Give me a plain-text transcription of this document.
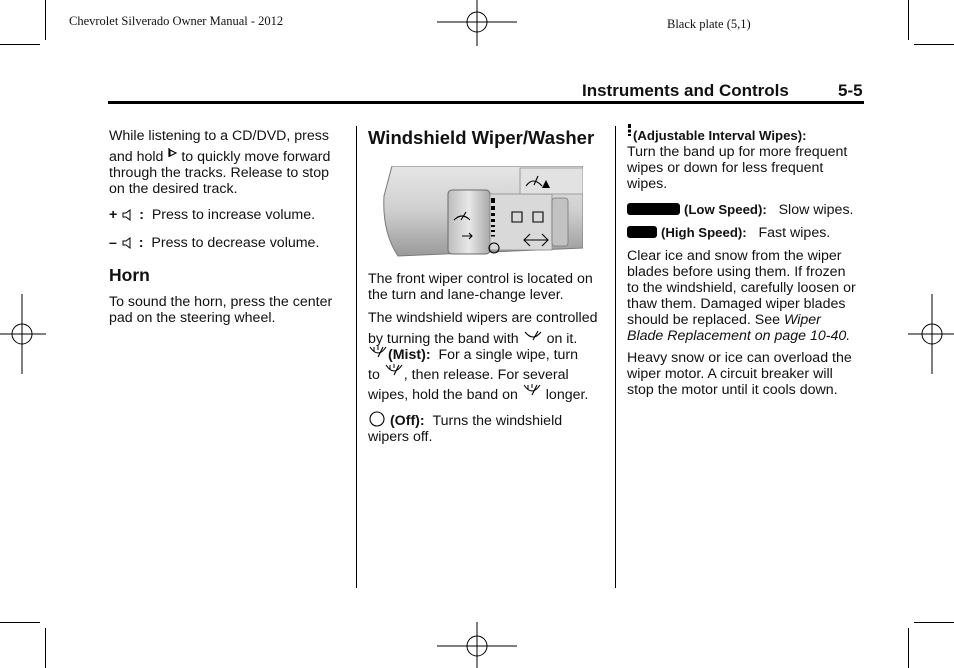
Chevrolet Silverado Owner Manual - 2012	Black plate (5,1)
Instruments and Controls	5-5
While listening to a CD/DVD, press
and hold to quickly move forward
through the tracks. Release to stop
on the desired track.
+ : Press to increase volume.
– : Press to decrease volume.
Horn
To sound the horn, press the center
pad on the steering wheel.
Windshield Wiper/Washer
The front wiper control is located on
the turn and lane-change lever.
The windshield wipers are controlled
by turning the band with on it.
(Mist): For a single wipe, turn
to , then release. For several
wipes, hold the band on longer.
(Off): Turns the windshield
wipers off.
(Adjustable Interval Wipes):
Turn the band up for more frequent
wipes or down for less frequent
wipes.
(Low Speed): Slow wipes.
(High Speed): Fast wipes.
Clear ice and snow from the wiper
blades before using them. If frozen
to the windshield, carefully loosen or
thaw them. Damaged wiper blades
should be replaced. See Wiper
Blade Replacement on page 10-40.
Heavy snow or ice can overload the
wiper motor. A circuit breaker will
stop the motor until it cools down.
